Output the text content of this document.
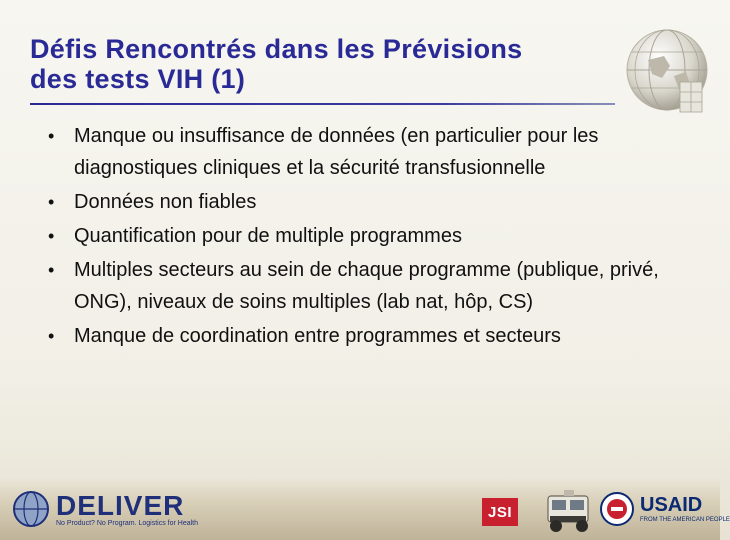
Défis Rencontrés dans les Prévisions
des tests VIH (1)
• Manque ou insuffisance de données (en particulier pour les diagnostiques cliniques et la sécurité transfusionnelle
• Données non fiables
• Quantification pour de multiple programmes
• Multiples secteurs au sein de chaque programme (publique, privé, ONG), niveaux de soins multiples (lab nat, hôp, CS)
• Manque de coordination entre programmes et secteurs
DELIVER
No Product? No Program. Logistics for Health
JSI	USAID
FROM THE AMERICAN PEOPLE
